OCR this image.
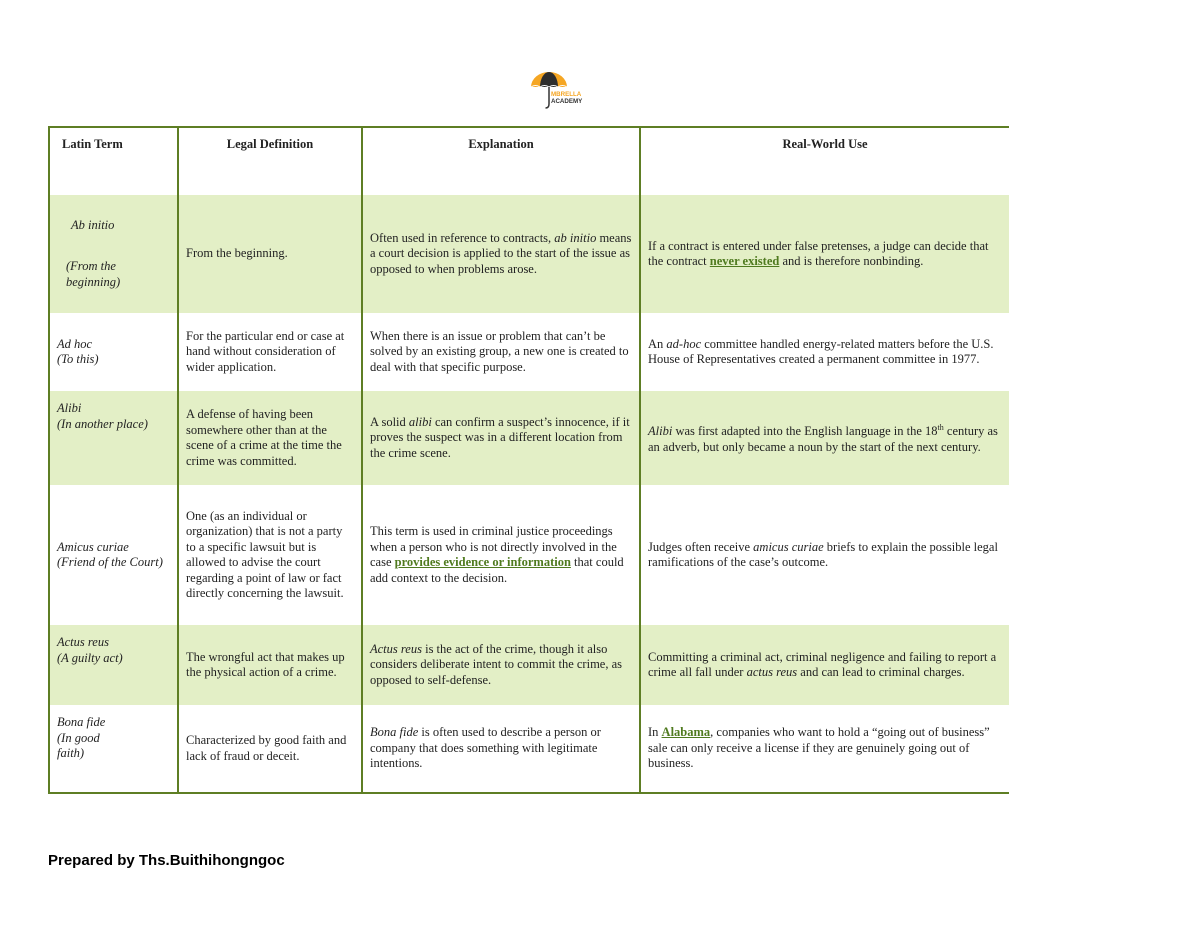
MBRELLA
ACADEMY
Latin Term	Legal Definition	Explanation	Real-World Use

Ab initio
(From the beginning)	From the beginning.	Often used in reference to contracts, ab initio means a court decision is applied to the start of the issue as opposed to when problems arose.	If a contract is entered under false pretenses, a judge can decide that the contract never existed and is therefore nonbinding.

Ad hoc
(To this)	For the particular end or case at hand without consideration of wider application.	When there is an issue or problem that can’t be solved by an existing group, a new one is created to deal with that specific purpose.	An ad-hoc committee handled energy-related matters before the U.S. House of Representatives created a permanent committee in 1977.

Alibi
(In another place)	A defense of having been somewhere other than at the scene of a crime at the time the crime was committed.	A solid alibi can confirm a suspect’s innocence, if it proves the suspect was in a different location from the crime scene.	Alibi was first adapted into the English language in the 18th century as an adverb, but only became a noun by the start of the next century.

Amicus curiae
(Friend of the Court)	One (as an individual or organization) that is not a party to a specific lawsuit but is allowed to advise the court regarding a point of law or fact directly concerning the lawsuit.	This term is used in criminal justice proceedings when a person who is not directly involved in the case provides evidence or information that could add context to the decision.	Judges often receive amicus curiae briefs to explain the possible legal ramifications of the case’s outcome.

Actus reus
(A guilty act)	The wrongful act that makes up the physical action of a crime.	Actus reus is the act of the crime, though it also considers deliberate intent to commit the crime, as opposed to self-defense.	Committing a criminal act, criminal negligence and failing to report a crime all fall under actus reus and can lead to criminal charges.

Bona fide
(In good faith)	Characterized by good faith and lack of fraud or deceit.	Bona fide is often used to describe a person or company that does something with legitimate intentions.	In Alabama, companies who want to hold a “going out of business” sale can only receive a license if they are genuinely going out of business.
Prepared by Ths.Buithihongngoc
